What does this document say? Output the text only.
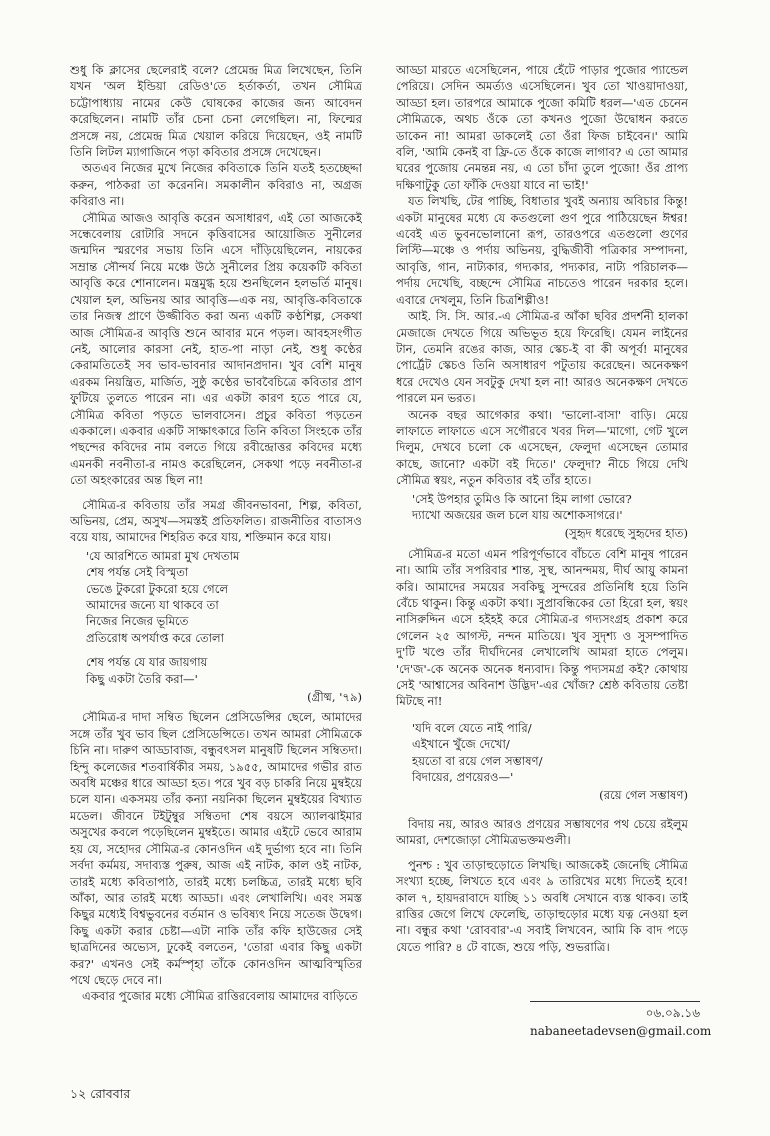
শুধু কি ক্লাসের ছেলেরাই বলে? প্রেমেন্দ্র মিত্র লিখেছেন, তিনি যখন 'অল ইন্ডিয়া রেডিও'তে হর্তাকর্তা, তখন সৌমিত্র চট্টোপাধ্যায় নামের কেউ ঘোষকের কাজের জন্য আবেদন করেছিলেন। নামটি তাঁর চেনা চেনা লেগেছিল। না, ফিল্মের প্রসঙ্গে নয়, প্রেমেন্দ্র মিত্র খেয়াল করিয়ে দিয়েছেন, ওই নামটি তিনি লিটল ম্যাগাজিনে পড়া কবিতার প্রসঙ্গে দেখেছেন।

অতএব নিজের মুখে নিজের কবিতাকে তিনি যতই হতচ্ছেদ্দা করুন, পাঠকরা তা করেননি। সমকালীন কবিরাও না, অগ্রজ কবিরাও না।

সৌমিত্র আজও আবৃত্তি করেন অসাধারণ, এই তো আজকেই সন্ধেবেলায় রোটারি সদনে কৃত্তিবাসের আয়োজিত সুনীলের জন্মদিন স্মরণের সভায় তিনি এসে দাঁড়িয়েছিলেন, নায়কের সম্রান্ত সৌন্দর্য নিয়ে মঞ্চে উঠে সুনীলের প্রিয় কয়েকটি কবিতা আবৃত্তি করে শোনালেন। মন্ত্রমুগ্ধ হয়ে শুনছিলেন হলভর্তি মানুষ। খেয়াল হল, অভিনয় আর আবৃত্তি—এক নয়, আবৃত্তি-কবিতাকে তার নিজস্ব প্রাণে উজ্জীবিত করা অন্য একটি কণ্ঠশিল্প, সেকথা আজ সৌমিত্র-র আবৃত্তি শুনে আবার মনে পড়ল। আবহসংগীত নেই, আলোর কারসা নেই, হাত-পা নাড়া নেই, শুধু কণ্ঠের কেরামতিতেই সব ভাব-ভাবনার আদানপ্রদান। খুব বেশি মানুষ এরকম নিয়ন্ত্রিত, মার্জিত, সুষ্ঠু কণ্ঠের ভাববৈচিত্রে কবিতার প্রাণ ফুটিয়ে তুলতে পারেন না। এর একটা কারণ হতে পারে যে, সৌমিত্র কবিতা পড়তে ভালবাসেন। প্রচুর কবিতা পড়তেন এককালে। একবার একটি সাক্ষাৎকারে তিনি কবিতা সিংহকে তাঁর পছন্দের কবিদের নাম বলতে গিয়ে রবীন্দ্রোত্তর কবিদের মধ্যে এমনকী নবনীতা-র নামও করেছিলেন, সেকথা পড়ে নবনীতা-র তো অহংকারের অন্ত ছিল না!

সৌমিত্র-র কবিতায় তাঁর সমগ্র জীবনভাবনা, শিল্প, কবিতা, অভিনয়, প্রেম, অসুখ—সমস্তই প্রতিফলিত। রাজনীতির বাতাসও বয়ে যায়, আমাদের শিহরিত করে যায়, শক্তিমান করে যায়।

'যে আরশিতে আমরা মুখ দেখতাম
শেষ পর্যন্ত সেই বিস্মৃতা
ভেঙে টুকরো টুকরো হয়ে গেলে
আমাদের জন্যে যা থাকবে তা
নিজের নিজের ভূমিতে
প্রতিরোধ অপর্যাপ্ত করে তোলা
শেষ পর্যন্ত যে যার জায়গায়
কিছু একটা তৈরি করা—'
(গ্রীষ্ম, '৭৯)

সৌমিত্র-র দাদা সম্বিত ছিলেন প্রেসিডেন্সির ছেলে, আমাদের সঙ্গে তাঁর খুব ভাব ছিল প্রেসিডেন্সিতে। তখন আমরা সৌমিত্রকে চিনি না। দারুণ আড্ডাবাজ, বন্ধুবৎসল মানুষটি ছিলেন সম্বিতদা। হিন্দু কলেজের শতবার্ষিকীর সময়, ১৯৫৫, আমাদের গভীর রাত অবধি মঞ্চের ধারে আড্ডা হত। পরে খুব বড় চাকরি নিয়ে মুম্বইয়ে চলে যান। একসময় তাঁর কন্যা নয়নিকা ছিলেন মুম্বইয়ের বিখ্যাত মডেল। জীবনে টইটুম্বুর সম্বিতদা শেষ বয়সে অ্যালঝাইমার অসুখের কবলে পড়েছিলেন মুম্বইতে। আমার এইটে ভেবে আরাম হয় যে, সহোদর সৌমিত্র-র কোনওদিন এই দুর্ভাগ্য হবে না। তিনি সর্বদা কর্মময়, সদাব্যস্ত পুরুষ, আজ এই নাটক, কাল ওই নাটক, তারই মধ্যে কবিতাপাঠ, তারই মধ্যে চলচ্চিত্র, তারই মধ্যে ছবি আঁকা, আর তারই মধ্যে আড্ডা। এবং লেখালিখি। এবং সমস্ত কিছুর মধ্যেই বিশ্বভুবনের বর্তমান ও ভবিষ্যৎ নিয়ে সতেজ উদ্বেগ। কিছু একটা করার চেষ্টা—এটা নাকি তাঁর কফি হাউজের সেই ছাত্রদিনের অভ্যেস, ঢুকেই বলতেন, 'তোরা এবার কিছু একটা কর?' এখনও সেই কর্মস্পৃহা তাঁকে কোনওদিন আত্মবিস্মৃতির পথে ছেড়ে দেবে না।

একবার পুজোর মধ্যে সৌমিত্র রাত্তিরবেলায় আমাদের বাড়িতে

আড্ডা মারতে এসেছিলেন, পায়ে হেঁটে পাড়ার পুজোর প্যান্ডেল পেরিয়ে। সেদিন অমর্ত্যও এসেছিলেন। খুব তো খাওয়াদাওয়া, আড্ডা হল। তারপরে আমাকে পুজো কমিটি ধরল—'এত চেনেন সৌমিত্রকে, অথচ ওঁকে তো কখনও পুজো উদ্বোধন করতে ডাকেন না! আমরা ডাকলেই তো ওঁরা ফিজ চাইবেন।' আমি বলি, 'আমি কেনই বা ফ্রি-তে ওঁকে কাজে লাগাব? এ তো আমার ঘরের পুজোয় নেমন্তন্ন নয়, এ তো চাঁদা তুলে পুজো! ওঁর প্রাপ্য দক্ষিণাটুকু তো ফাঁকি দেওয়া যাবে না ভাই!'

যত লিখছি, টের পাচ্ছি, বিধাতার খুবই অন্যায় অবিচার কিন্তু! একটা মানুষের মধ্যে যে কতগুলো গুণ পুরে পাঠিয়েছেন ঈশ্বর! এবেই এত ভুবনভোলানো রূপ, তারওপরে এতগুলো গুণের লিস্টি—মঞ্চে ও পর্দায় অভিনয়, বুদ্ধিজীবী পত্রিকার সম্পাদনা, আবৃত্তি, গান, নাট্যকার, গদ্যকার, পদ্যকার, নাট্য পরিচালক—পর্দায় দেখেছি, বচ্ছন্দে সৌমিত্র নাচতেও পারেন দরকার হলে। এবারে দেখলুম, তিনি চিত্রশিল্পীও!

আই. সি. সি. আর.-এ সৌমিত্র-র আঁকা ছবির প্রদর্শনী হালকা মেজাজে দেখতে গিয়ে অভিভূত হয়ে ফিরেছি। যেমন লাইনের টান, তেমনি রঙের কাজ, আর স্কেচ-ই বা কী অপূর্ব! মানুষের পোর্ট্রেট স্কেচও তিনি অসাধারণ পটুতায় করেছেন। অনেকক্ষণ ধরে দেখেও যেন সবটুকু দেখা হল না! আরও অনেকক্ষণ দেখতে পারলে মন ভরত।

অনেক বছর আগেকার কথা। 'ভালো-বাসা' বাড়ি। মেয়ে লাফাতে লাফাতে এসে সগৌরবে খবর দিল—'মাগো, গেট খুলে দিলুম, দেখবে চলো কে এসেছেন, ফেলুদা এসেছেন তোমার কাছে, জানো? একটা বই দিতে।' ফেলুদা? নীচে গিয়ে দেখি সৌমিত্র স্বয়ং, নতুন কবিতার বই তাঁর হাতে।

'সেই উপহার তুমিও কি আনো হিম লাগা ভোরে?
দ্যাখো অজয়ের জল চলে যায় অশোকসাগরে।'
(সুহৃদ ধরেছে সুহৃদের হাত)

সৌমিত্র-র মতো এমন পরিপূর্ণভাবে বাঁচতে বেশি মানুষ পারেন না। আমি তাঁর সপরিবার শান্ত, সুস্থ, আনন্দময়, দীর্ঘ আয়ু কামনা করি। আমাদের সময়ের সবকিছু সুন্দরের প্রতিনিধি হয়ে তিনি বেঁচে থাকুন। কিন্তু একটা কথা। সুপ্রাবন্ধিকের তো হিরো হল, স্বয়ং নাসিরুদ্দিন এসে হইহই করে সৌমিত্র-র গদ্যসংগ্রহ প্রকাশ করে গেলেন ২৫ আগস্ট, নন্দন মাতিয়ে। খুব সুদৃশ্য ও সুসম্পাদিত দু'টি খণ্ডে তাঁর দীর্ঘদিনের লেখালেখি আমরা হাতে পেলুম। 'দে'জ'-কে অনেক অনেক ধন্যবাদ। কিন্তু পদ্যসমগ্র কই? কোথায় সেই 'আশ্বাসের অবিনাশ উদ্ভিদ'-এর খোঁজ? শ্রেষ্ঠ কবিতায় তেষ্টা মিটছে না!

'যদি বলে যেতে নাই পারি/
এইখানে খুঁজে দেখো/
হয়তো বা রয়ে গেল সম্ভাষণ/
বিদায়ের, প্রণয়েরও—'
(রয়ে গেল সম্ভাষণ)

বিদায় নয়, আরও আরও প্রণয়ের সম্ভাষণের পথ চেয়ে রইলুম আমরা, দেশজোড়া সৌমিত্রভক্তমণ্ডলী।

পুনশ্চ : খুব তাড়াহুড়োতে লিখছি। আজকেই জেনেছি সৌমিত্র সংখ্যা হচ্ছে, লিখতে হবে এবং ৯ তারিখের মধ্যে দিতেই হবে! কাল ৭, হায়দরাবাদে যাচ্ছি ১১ অবধি সেখানে ব্যস্ত থাকব। তাই রাত্তির জেগে লিখে ফেলেছি, তাড়াহুড়োর মধ্যে যত্ন নেওয়া হল না। বন্ধুর কথা 'রোববার'-এ সবাই লিখবেন, আমি কি বাদ পড়ে যেতে পারি? ৪ টে বাজে, শুয়ে পড়ি, শুভরাত্রি।

০৬.০৯.১৬
nabaneetadevsen@gmail.com
১২ রোববার
